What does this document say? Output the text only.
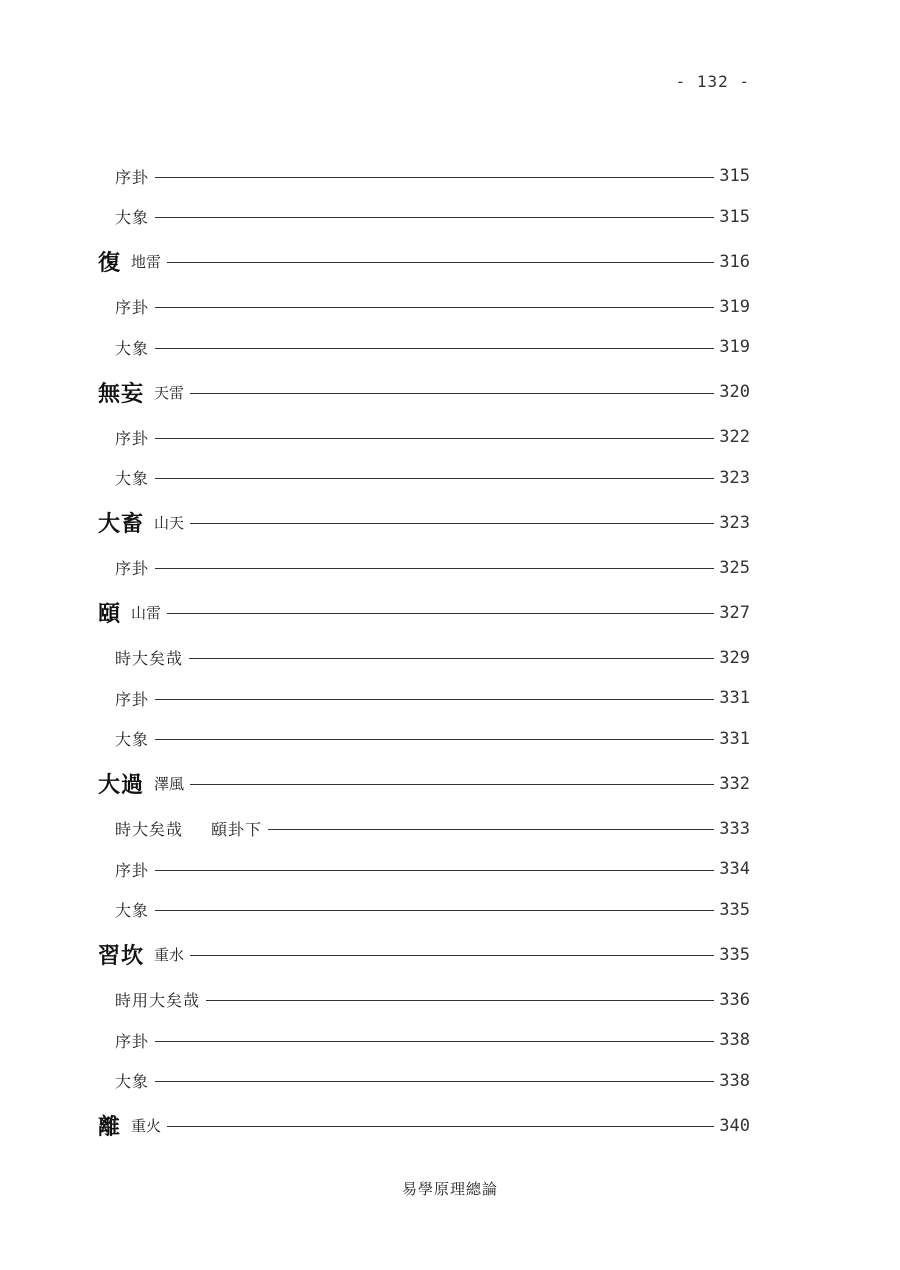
- 132 -
序卦	315
大象	315
復 地雷	316
序卦	319
大象	319
無妄 天雷	320
序卦	322
大象	323
大畜 山天	323
序卦	325
頤 山雷	327
時大矣哉	329
序卦	331
大象	331
大過 澤風	332
時大矣哉 頤卦下	333
序卦	334
大象	335
習坎 重水	335
時用大矣哉	336
序卦	338
大象	338
離 重火	340
易學原理總論
